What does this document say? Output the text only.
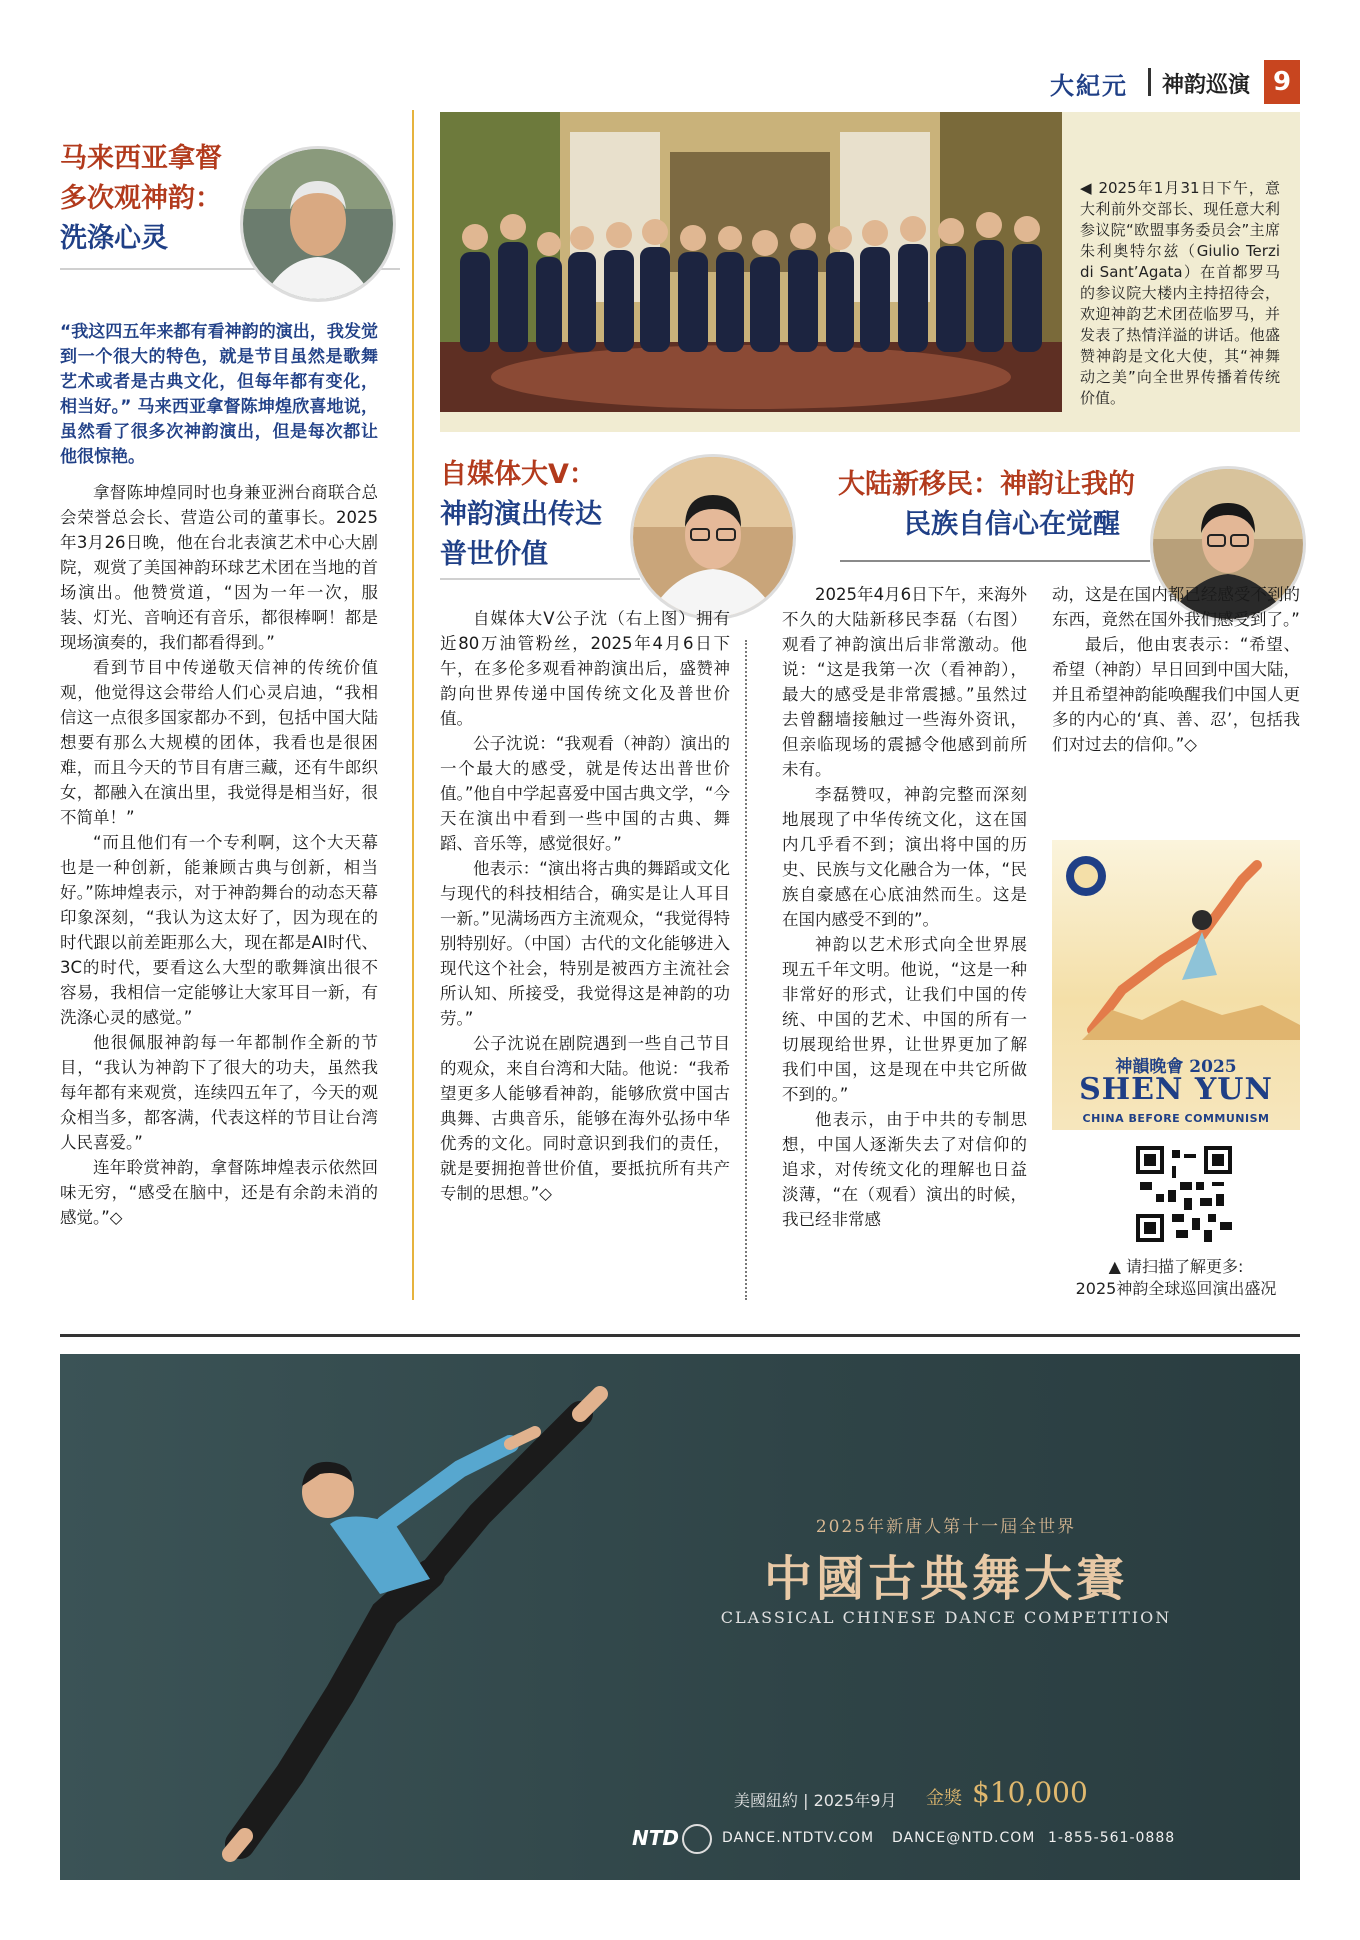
大紀元 神韵巡演 9
马来西亚拿督
多次观神韵：
洗涤心灵
“我这四五年来都有看神韵的演出，我发觉到一个很大的特色，就是节目虽然是歌舞艺术或者是古典文化，但每年都有变化，相当好。” 马来西亚拿督陈坤煌欣喜地说，虽然看了很多次神韵演出，但是每次都让他很惊艳。

拿督陈坤煌同时也身兼亚洲台商联合总会荣誉总会长、营造公司的董事长。2025年3月26日晚，他在台北表演艺术中心大剧院，观赏了美国神韵环球艺术团在当地的首场演出。他赞赏道，“因为一年一次，服装、灯光、音响还有音乐，都很棒啊！都是现场演奏的，我们都看得到。”

看到节目中传递敬天信神的传统价值观，他觉得这会带给人们心灵启迪，“我相信这一点很多国家都办不到，包括中国大陆想要有那么大规模的团体，我看也是很困难，而且今天的节目有唐三藏，还有牛郎织女，都融入在演出里，我觉得是相当好，很不简单！”

“而且他们有一个专利啊，这个大天幕也是一种创新，能兼顾古典与创新，相当好。”陈坤煌表示，对于神韵舞台的动态天幕印象深刻，“我认为这太好了，因为现在的时代跟以前差距那么大，现在都是AI时代、3C的时代，要看这么大型的歌舞演出很不容易，我相信一定能够让大家耳目一新，有洗涤心灵的感觉。”

他很佩服神韵每一年都制作全新的节目，“我认为神韵下了很大的功夫，虽然我每年都有来观赏，连续四五年了，今天的观众相当多，都客满，代表这样的节目让台湾人民喜爱。”

连年聆赏神韵，拿督陈坤煌表示依然回味无穷，“感受在脑中，还是有余韵未消的感觉。”◇

◀ 2025年1月31日下午，意大利前外交部长、现任意大利参议院“欧盟事务委员会”主席朱利奥特尔兹（Giulio Terzi di Sant’Agata）在首都罗马的参议院大楼内主持招待会，欢迎神韵艺术团莅临罗马，并发表了热情洋溢的讲话。他盛赞神韵是文化大使，其“神舞动之美”向全世界传播着传统价值。
自媒体大V：
神韵演出传达
普世价值

自媒体大V公子沈（右上图）拥有近80万油管粉丝，2025年4月6日下午，在多伦多观看神韵演出后，盛赞神韵向世界传递中国传统文化及普世价值。

公子沈说：“我观看（神韵）演出的一个最大的感受，就是传达出普世价值。”他自中学起喜爱中国古典文学，“今天在演出中看到一些中国的古典、舞蹈、音乐等，感觉很好。”

他表示：“演出将古典的舞蹈或文化与现代的科技相结合，确实是让人耳目一新。”见满场西方主流观众，“我觉得特别特别好。（中国）古代的文化能够进入现代这个社会，特别是被西方主流社会所认知、所接受，我觉得这是神韵的功劳。”

公子沈说在剧院遇到一些自己节目的观众，来自台湾和大陆。他说：“我希望更多人能够看神韵，能够欣赏中国古典舞、古典音乐，能够在海外弘扬中华优秀的文化。同时意识到我们的责任，就是要拥抱普世价值，要抵抗所有共产专制的思想。”◇

大陆新移民：神韵让我的
民族自信心在觉醒

2025年4月6日下午，来海外不久的大陆新移民李磊（右图）观看了神韵演出后非常激动。他说：“这是我第一次（看神韵），最大的感受是非常震撼。”虽然过去曾翻墙接触过一些海外资讯，但亲临现场的震撼令他感到前所未有。

李磊赞叹，神韵完整而深刻地展现了中华传统文化，这在国内几乎看不到；演出将中国的历史、民族与文化融合为一体，“民族自豪感在心底油然而生。这是在国内感受不到的”。

神韵以艺术形式向全世界展现五千年文明。他说，“这是一种非常好的形式，让我们中国的传统、中国的艺术、中国的所有一切展现给世界，让世界更加了解我们中国，这是现在中共它所做不到的。”

他表示，由于中共的专制思想，中国人逐渐失去了对信仰的追求，对传统文化的理解也日益淡薄，“在（观看）演出的时候，我已经非常感

动，这是在国内都已经感受不到的东西，竟然在国外我们感受到了。”

最后，他由衷表示：“希望、希望（神韵）早日回到中国大陆，并且希望神韵能唤醒我们中国人更多的内心的‘真、善、忍’，包括我们对过去的信仰。”◇

神韻晚會 2025
SHEN YUN
CHINA BEFORE COMMUNISM
▲ 请扫描了解更多:
2025神韵全球巡回演出盛况
2025年新唐人第十一屆全世界
中國古典舞大賽
CLASSICAL CHINESE DANCE COMPETITION
美國紐約 | 2025年9月 金獎 $10,000
NTD	DANCE.NTDTV.COM DANCE@NTD.COM 1-855-561-0888
